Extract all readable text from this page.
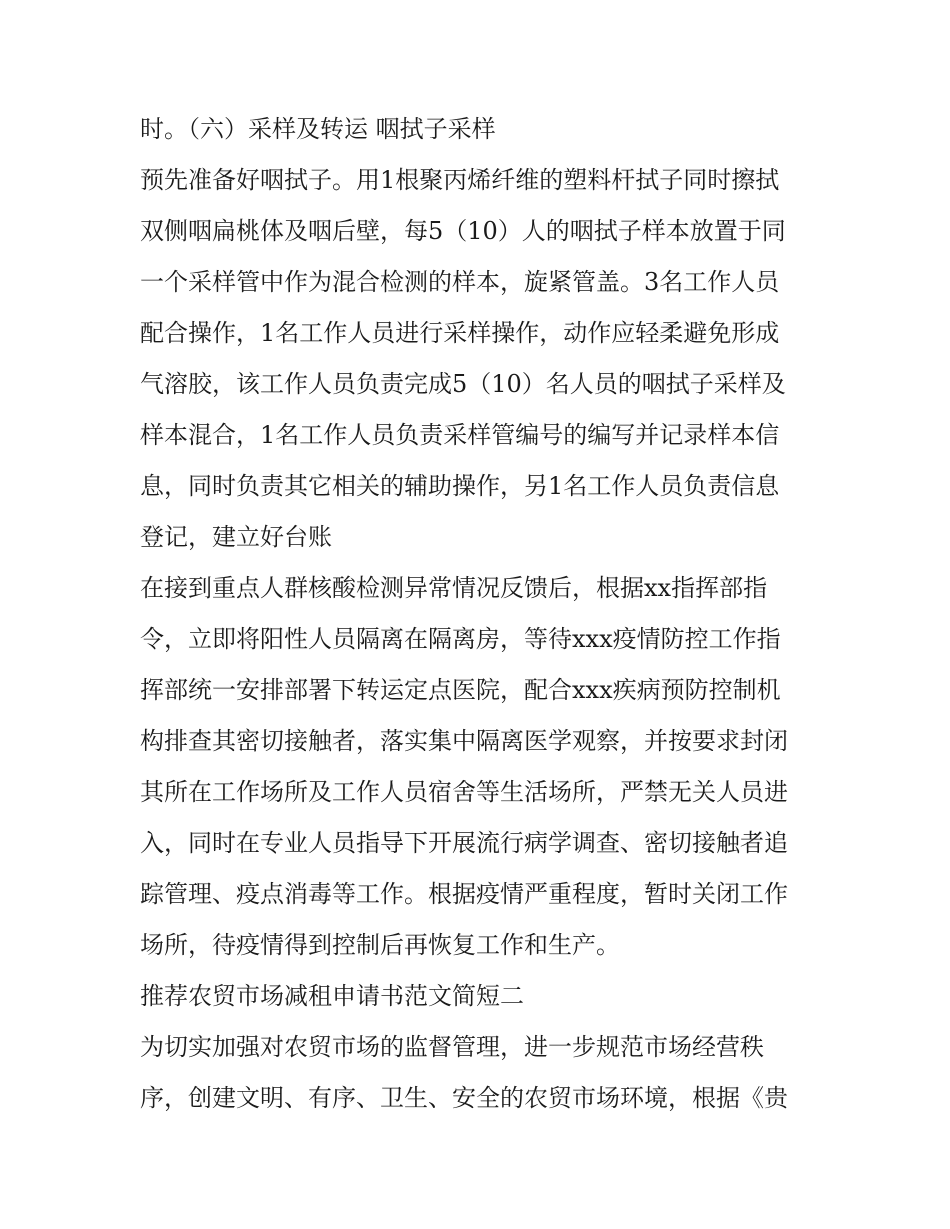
时。（六）采样及转运 咽拭子采样
预先准备好咽拭子。用1根聚丙烯纤维的塑料杆拭子同时擦拭
双侧咽扁桃体及咽后壁，每5（10）人的咽拭子样本放置于同
一个采样管中作为混合检测的样本，旋紧管盖。3名工作人员
配合操作，1名工作人员进行采样操作，动作应轻柔避免形成
气溶胶，该工作人员负责完成5（10）名人员的咽拭子采样及
样本混合，1名工作人员负责采样管编号的编写并记录样本信
息，同时负责其它相关的辅助操作，另1名工作人员负责信息
登记，建立好台账
在接到重点人群核酸检测异常情况反馈后，根据xx指挥部指
令，立即将阳性人员隔离在隔离房，等待xxx疫情防控工作指
挥部统一安排部署下转运定点医院，配合xxx疾病预防控制机
构排查其密切接触者，落实集中隔离医学观察，并按要求封闭
其所在工作场所及工作人员宿舍等生活场所，严禁无关人员进
入，同时在专业人员指导下开展流行病学调查、密切接触者追
踪管理、疫点消毒等工作。根据疫情严重程度，暂时关闭工作
场所，待疫情得到控制后再恢复工作和生产。
推荐农贸市场减租申请书范文简短二
为切实加强对农贸市场的监督管理，进一步规范市场经营秩
序，创建文明、有序、卫生、安全的农贸市场环境，根据《贵
